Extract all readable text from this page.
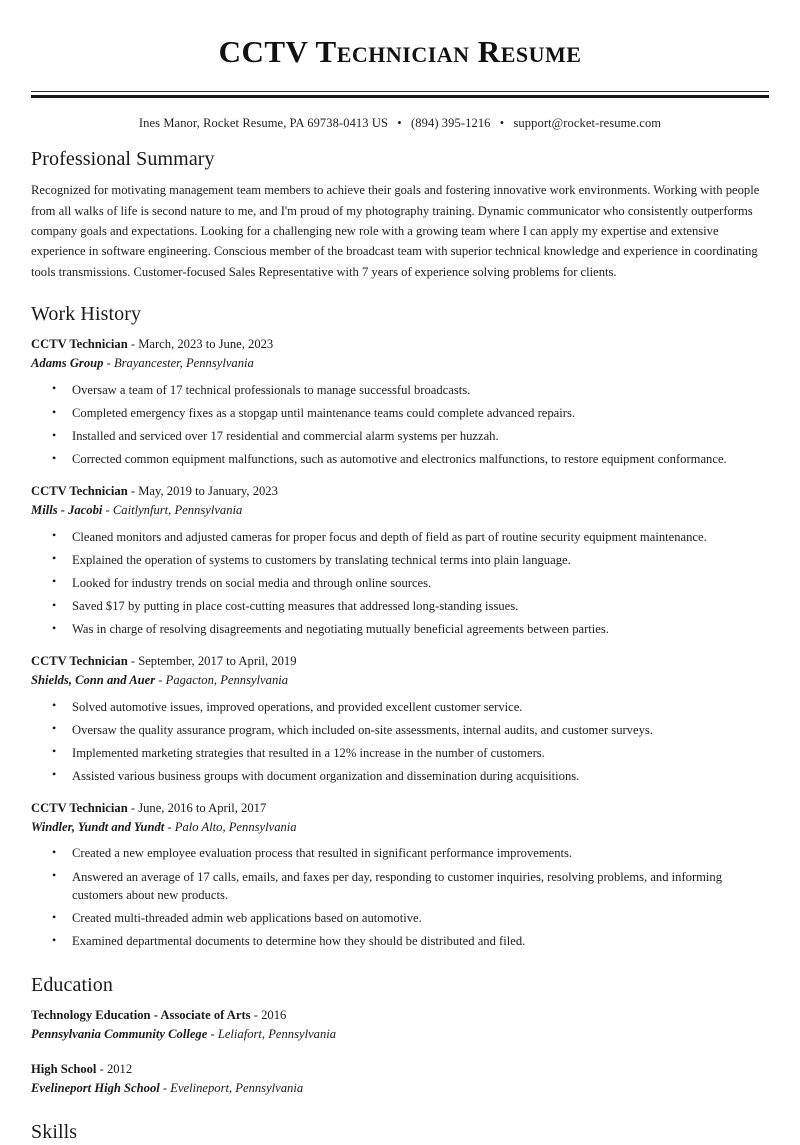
CCTV Technician Resume
Ines Manor, Rocket Resume, PA 69738-0413 US • (894) 395-1216 • support@rocket-resume.com
Professional Summary

Recognized for motivating management team members to achieve their goals and fostering innovative work environments. Working with people from all walks of life is second nature to me, and I'm proud of my photography training. Dynamic communicator who consistently outperforms company goals and expectations. Looking for a challenging new role with a growing team where I can apply my expertise and extensive experience in software engineering. Conscious member of the broadcast team with superior technical knowledge and experience in coordinating tools transmissions. Customer-focused Sales Representative with 7 years of experience solving problems for clients.

Work History
CCTV Technician - March, 2023 to June, 2023
Adams Group - Brayancester, Pennsylvania
• Oversaw a team of 17 technical professionals to manage successful broadcasts.
• Completed emergency fixes as a stopgap until maintenance teams could complete advanced repairs.
• Installed and serviced over 17 residential and commercial alarm systems per huzzah.
• Corrected common equipment malfunctions, such as automotive and electronics malfunctions, to restore equipment conformance.
CCTV Technician - May, 2019 to January, 2023
Mills - Jacobi - Caitlynfurt, Pennsylvania
• Cleaned monitors and adjusted cameras for proper focus and depth of field as part of routine security equipment maintenance.
• Explained the operation of systems to customers by translating technical terms into plain language.
• Looked for industry trends on social media and through online sources.
• Saved $17 by putting in place cost-cutting measures that addressed long-standing issues.
• Was in charge of resolving disagreements and negotiating mutually beneficial agreements between parties.
CCTV Technician - September, 2017 to April, 2019
Shields, Conn and Auer - Pagacton, Pennsylvania
• Solved automotive issues, improved operations, and provided excellent customer service.
• Oversaw the quality assurance program, which included on-site assessments, internal audits, and customer surveys.
• Implemented marketing strategies that resulted in a 12% increase in the number of customers.
• Assisted various business groups with document organization and dissemination during acquisitions.
CCTV Technician - June, 2016 to April, 2017
Windler, Yundt and Yundt - Palo Alto, Pennsylvania
• Created a new employee evaluation process that resulted in significant performance improvements.
• Answered an average of 17 calls, emails, and faxes per day, responding to customer inquiries, resolving problems, and informing customers about new products.
• Created multi-threaded admin web applications based on automotive.
• Examined departmental documents to determine how they should be distributed and filed.
Education
Technology Education - Associate of Arts - 2016
Pennsylvania Community College - Leliafort, Pennsylvania
High School - 2012
Evelineport High School - Evelineport, Pennsylvania
Skills
